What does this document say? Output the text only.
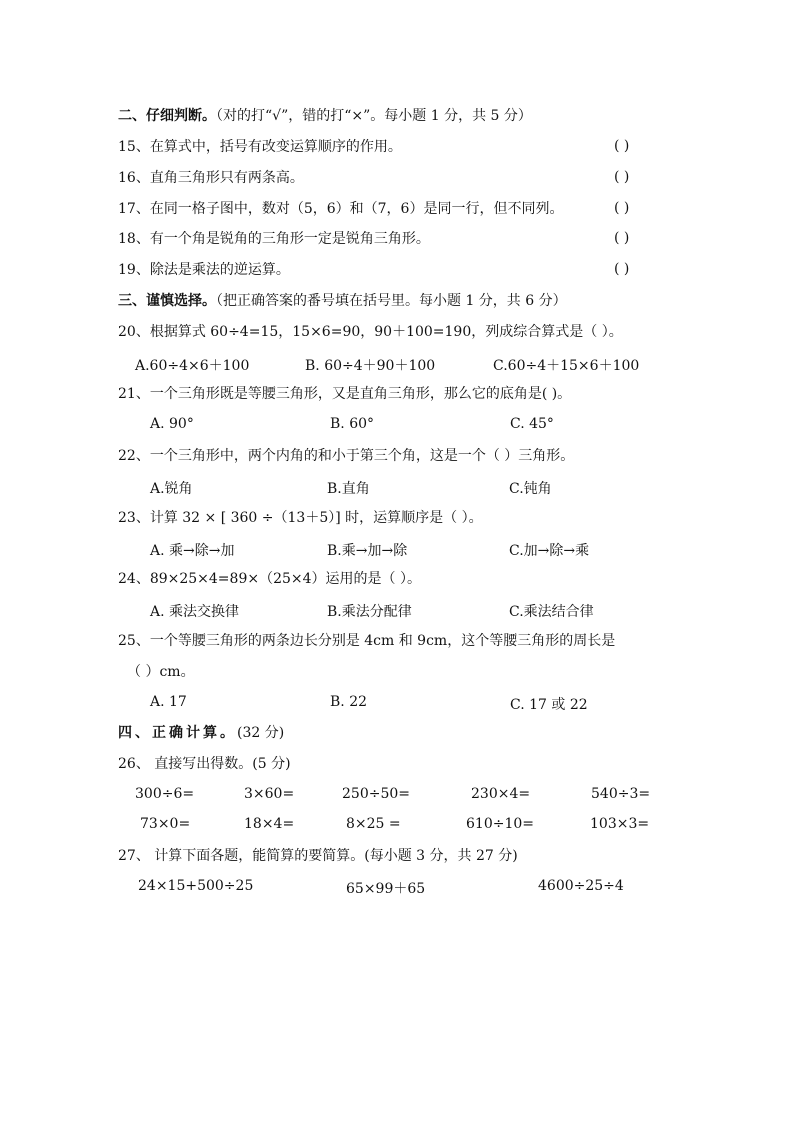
二、仔细判断。（对的打“√”，错的打“×”。每小题 1 分，共 5 分）
15、在算式中，括号有改变运算顺序的作用。	( )
16、直角三角形只有两条高。	( )
17、在同一格子图中，数对（5，6）和（7，6）是同一行，但不同列。	( )
18、有一个角是锐角的三角形一定是锐角三角形。	( )
19、除法是乘法的逆运算。	( )
三、谨慎选择。（把正确答案的番号填在括号里。每小题 1 分，共 6 分）
20、根据算式 60÷4=15，15×6=90，90＋100=190，列成综合算式是（ ）。
A.60÷4×6＋100	B. 60÷4＋90＋100	C.60÷4＋15×6＋100
21、一个三角形既是等腰三角形，又是直角三角形，那么它的底角是( )。
A. 90°	B. 60°	C. 45°
22、一个三角形中，两个内角的和小于第三个角，这是一个（ ）三角形。
A.锐角	B.直角	C.钝角
23、计算 32 × [ 360 ÷（13＋5）] 时，运算顺序是（ ）。
A. 乘→除→加	B.乘→加→除	C.加→除→乘
24、89×25×4=89×（25×4）运用的是（ ）。
A. 乘法交换律	B.乘法分配律	C.乘法结合律
25、一个等腰三角形的两条边长分别是 4cm 和 9cm，这个等腰三角形的周长是
（ ）cm。
A. 17	B. 22	C. 17 或 22
四、正确计算。(32 分)
26、 直接写出得数。(5 分)
300÷6=	3×60=	250÷50=	230×4=	540÷3=
73×0=	18×4=	8×25 =	610÷10=	103×3=
27、 计算下面各题，能简算的要简算。(每小题 3 分，共 27 分)
24×15+500÷25	65×99＋65	4600÷25÷4
